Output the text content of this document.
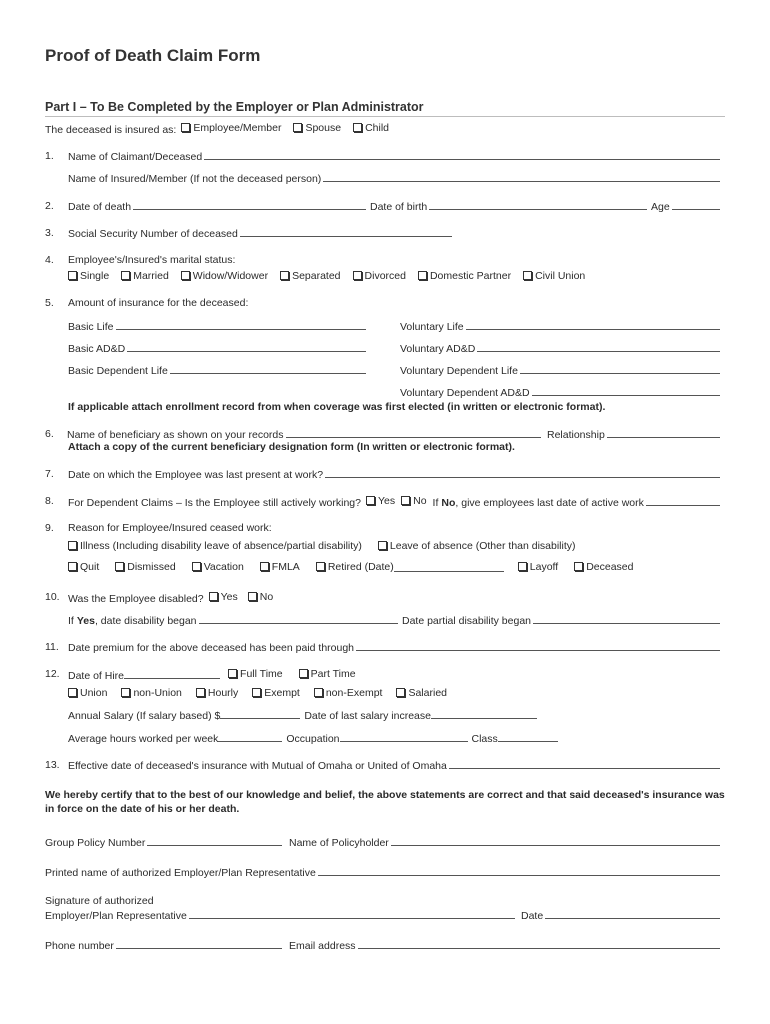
Proof of Death Claim Form
Part I – To Be Completed by the Employer or Plan Administrator
The deceased is insured as: Employee/Member Spouse Child
1. Name of Claimant/Deceased
Name of Insured/Member (If not the deceased person)
2. Date of death	Date of birth	Age
3. Social Security Number of deceased
4. Employee's/Insured's marital status:
Single Married Widow/Widower Separated Divorced Domestic Partner Civil Union
5. Amount of insurance for the deceased:
Basic Life	Voluntary Life
Basic AD&D	Voluntary AD&D
Basic Dependent Life	Voluntary Dependent Life
Voluntary Dependent AD&D
If applicable attach enrollment record from when coverage was first elected (in written or electronic format).
6. Name of beneficiary as shown on your records	Relationship
Attach a copy of the current beneficiary designation form (In written or electronic format).
7. Date on which the Employee was last present at work?
8. For Dependent Claims – Is the Employee still actively working? Yes No If No , give employees last date of active work
9. Reason for Employee/Insured ceased work:
Illness (Including disability leave of absence/partial disability)	Leave of absence (Other than disability)
Quit	Dismissed	Vacation	FMLA	Retired (Date)	Layoff	Deceased
10. Was the Employee disabled? Yes No
If Yes , date disability began	Date partial disability began
11. Date premium for the above deceased has been paid through
12. Date of Hire	Full Time	Part Time
Union non-Union Hourly Exempt non-Exempt Salaried
Annual Salary (If salary based) $	Date of last salary increase
Average hours worked per week	Occupation	Class
13. Effective date of deceased's insurance with Mutual of Omaha or United of Omaha
We hereby certify that to the best of our knowledge and belief, the above statements are correct and that said deceased's insurance was in force on the date of his or her death.
Group Policy Number	Name of Policyholder
Printed name of authorized Employer/Plan Representative
Signature of authorized
Employer/Plan Representative	Date
Phone number	Email address
